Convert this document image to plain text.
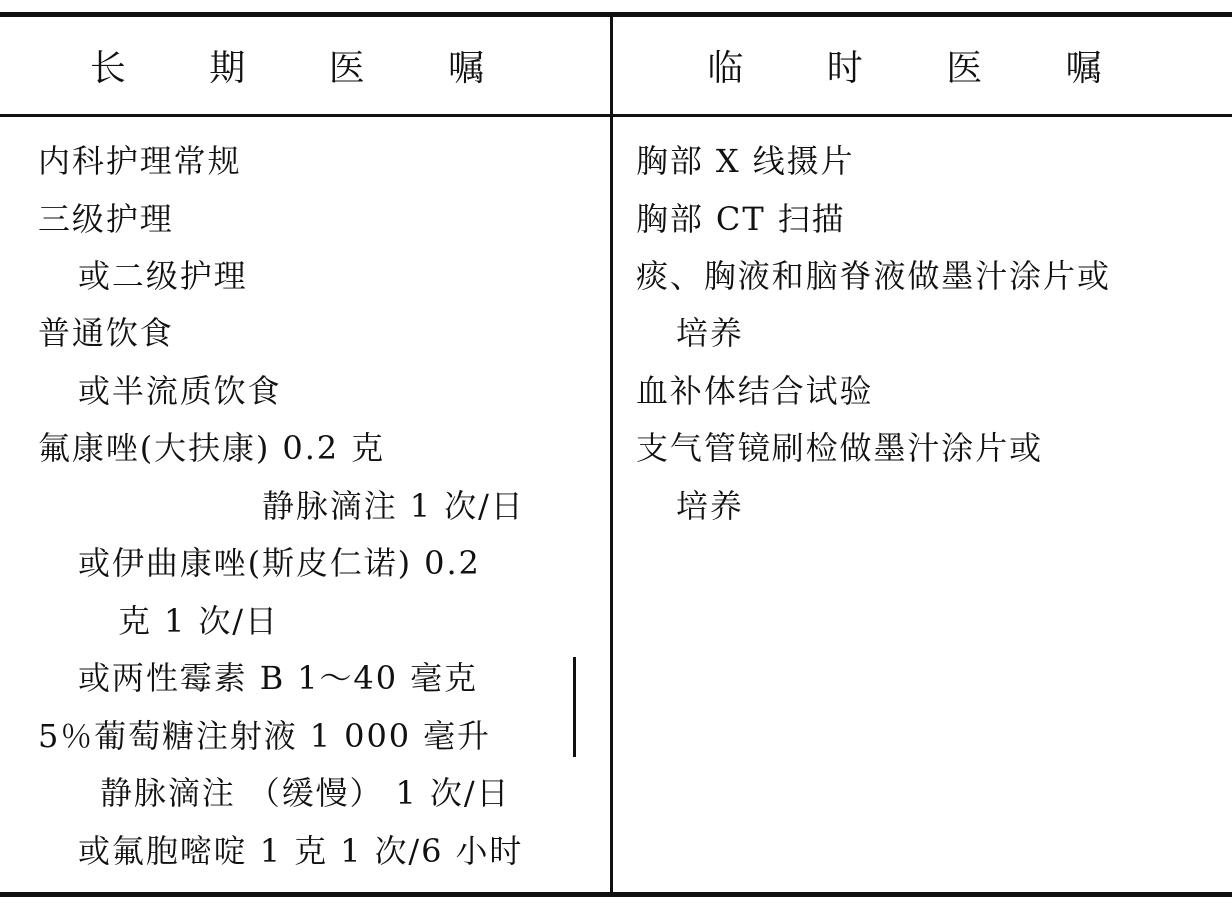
长 期 医 嘱	临 时 医 嘱
内科护理常规
三级护理
或二级护理
普通饮食
或半流质饮食
氟康唑(大扶康) 0.2 克
静脉滴注 1 次/日
或伊曲康唑(斯皮仁诺) 0.2
克 1 次/日
或两性霉素 B 1～40 毫克
5％葡萄糖注射液 1 000 毫升
静脉滴注 （缓慢） 1 次/日
或氟胞嘧啶 1 克 1 次/6 小时
胸部 X 线摄片
胸部 CT 扫描
痰、胸液和脑脊液做墨汁涂片或
培养
血补体结合试验
支气管镜刷检做墨汁涂片或
培养
